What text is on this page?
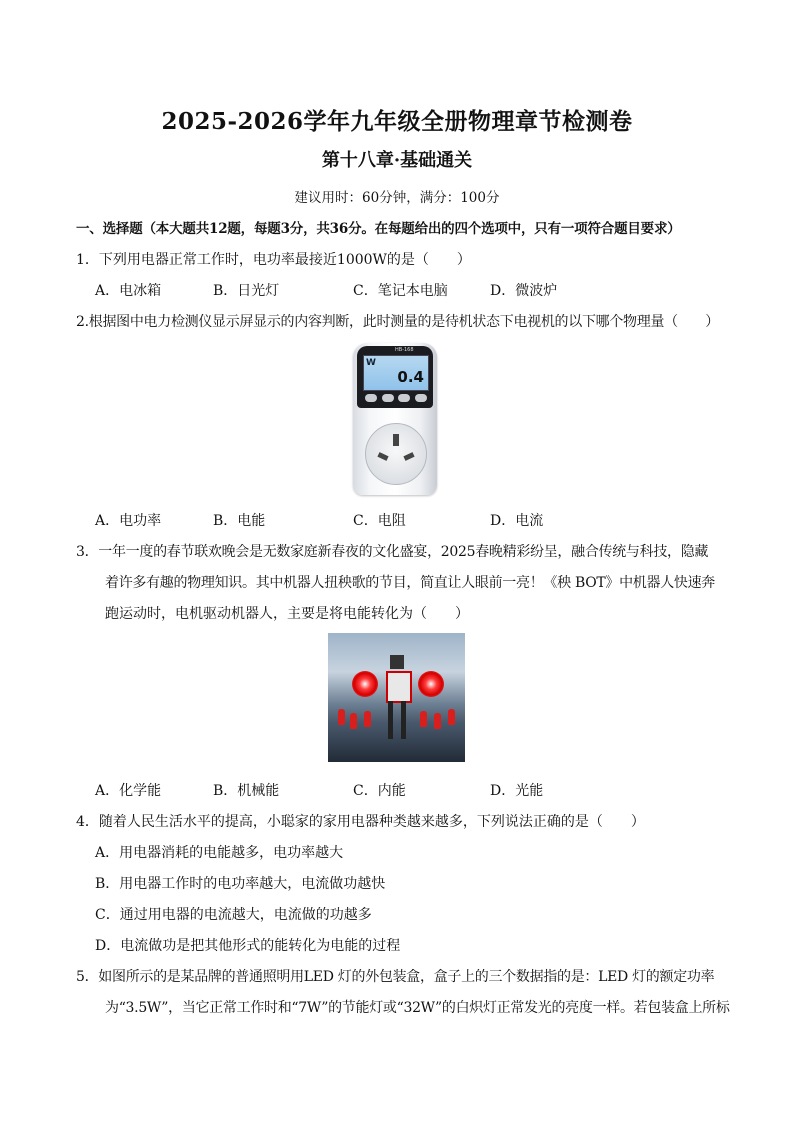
2025-2026学年九年级全册物理章节检测卷
第十八章·基础通关
建议用时：60分钟，满分：100分
一、选择题（本大题共12题，每题3分，共36分。在每题给出的四个选项中，只有一项符合题目要求）
1．下列用电器正常工作时，电功率最接近1000W的是（　　）
A．电冰箱	B．日光灯	C．笔记本电脑	D．微波炉
2.根据图中电力检测仪显示屏显示的内容判断，此时测量的是待机状态下电视机的以下哪个物理量（　　）
HB-168
W
0.4
A．电功率	B．电能	C．电阻	D．电流
3．一年一度的春节联欢晚会是无数家庭新春夜的文化盛宴，2025春晚精彩纷呈，融合传统与科技，隐藏
着许多有趣的物理知识。其中机器人扭秧歌的节目，简直让人眼前一亮！《秧 BOT》中机器人快速奔
跑运动时，电机驱动机器人，主要是将电能转化为（　　）
A．化学能	B．机械能	C．内能	D．光能
4．随着人民生活水平的提高，小聪家的家用电器种类越来越多，下列说法正确的是（　　）
A．用电器消耗的电能越多，电功率越大
B．用电器工作时的电功率越大，电流做功越快
C．通过用电器的电流越大，电流做的功越多
D．电流做功是把其他形式的能转化为电能的过程
5．如图所示的是某品牌的普通照明用LED 灯的外包装盒，盒子上的三个数据指的是：LED 灯的额定功率
为“3.5W”，当它正常工作时和“7W”的节能灯或“32W”的白炽灯正常发光的亮度一样。若包装盒上所标
